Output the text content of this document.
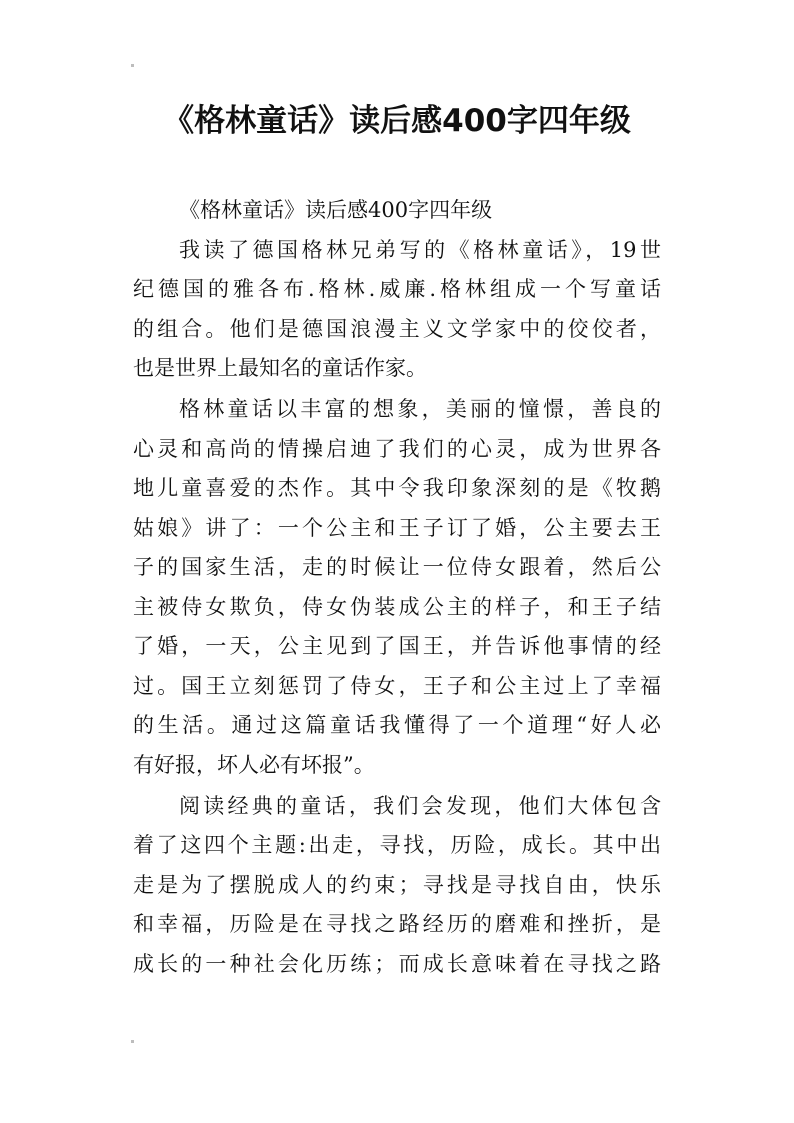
《格林童话》读后感400字四年级
《格林童话》读后感400字四年级
我读了德国格林兄弟写的《格林童话》，19世
纪德国的雅各布.格林.威廉.格林组成一个写童话
的组合。他们是德国浪漫主义文学家中的佼佼者，
也是世界上最知名的童话作家。
格林童话以丰富的想象，美丽的憧憬，善良的
心灵和高尚的情操启迪了我们的心灵，成为世界各
地儿童喜爱的杰作。其中令我印象深刻的是《牧鹅
姑娘》讲了：一个公主和王子订了婚，公主要去王
子的国家生活，走的时候让一位侍女跟着，然后公
主被侍女欺负，侍女伪装成公主的样子，和王子结
了婚，一天，公主见到了国王，并告诉他事情的经
过。国王立刻惩罚了侍女，王子和公主过上了幸福
的生活。通过这篇童话我懂得了一个道理“好人必
有好报，坏人必有坏报”。
阅读经典的童话，我们会发现，他们大体包含
着了这四个主题:出走，寻找，历险，成长。其中出
走是为了摆脱成人的约束；寻找是寻找自由，快乐
和幸福，历险是在寻找之路经历的磨难和挫折，是
成长的一种社会化历练；而成长意味着在寻找之路
